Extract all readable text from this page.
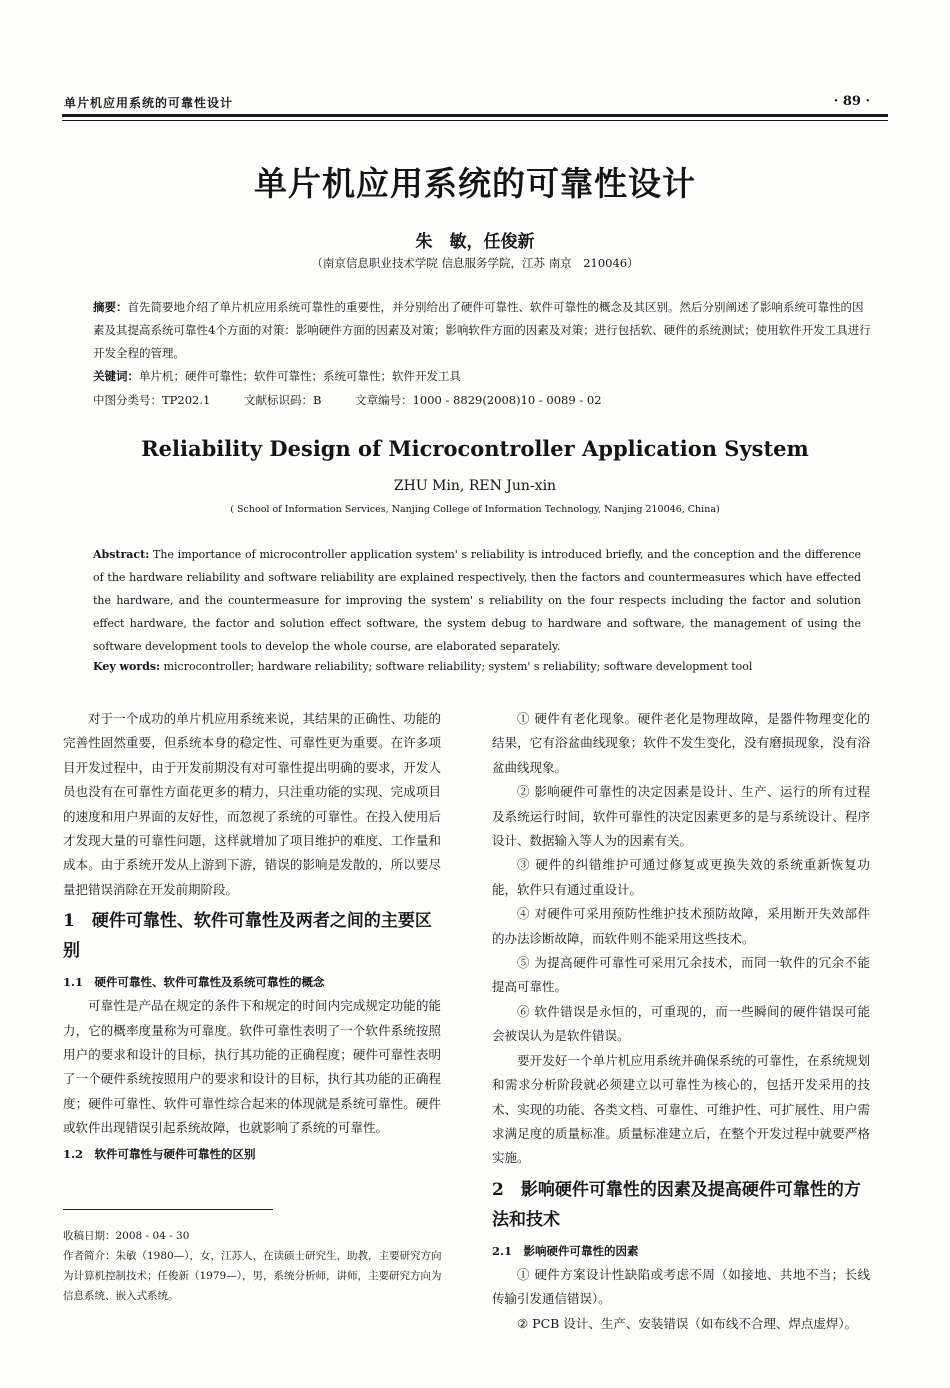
单片机应用系统的可靠性设计	· 89 ·
单片机应用系统的可靠性设计
朱　敏，任俊新
（南京信息职业技术学院 信息服务学院，江苏 南京　210046）
摘要：首先简要地介绍了单片机应用系统可靠性的重要性，并分别给出了硬件可靠性、软件可靠性的概念及其区别。然后分别阐述了影响系统可靠性的因素及其提高系统可靠性4个方面的对策：影响硬件方面的因素及对策；影响软件方面的因素及对策；进行包括软、硬件的系统测试；使用软件开发工具进行开发全程的管理。
关键词：单片机；硬件可靠性；软件可靠性；系统可靠性；软件开发工具
中图分类号：TP202.1	文献标识码：B	文章编号：1000 - 8829(2008)10 - 0089 - 02
Reliability Design of Microcontroller Application System
ZHU Min, REN Jun-xin
( School of Information Services, Nanjing College of Information Technology, Nanjing 210046, China)
Abstract: The importance of microcontroller application system' s reliability is introduced briefly, and the conception and the difference of the hardware reliability and software reliability are explained respectively, then the factors and countermeasures which have effected the hardware, and the countermeasure for improving the system' s reliability on the four respects including the factor and solution effect hardware, the factor and solution effect software, the system debug to hardware and software, the management of using the software development tools to develop the whole course, are elaborated separately.
Key words: microcontroller; hardware reliability; software reliability; system' s reliability; software development tool

对于一个成功的单片机应用系统来说，其结果的正确性、功能的完善性固然重要，但系统本身的稳定性、可靠性更为重要。在许多项目开发过程中，由于开发前期没有对可靠性提出明确的要求，开发人员也没有在可靠性方面花更多的精力，只注重功能的实现、完成项目的速度和用户界面的友好性，而忽视了系统的可靠性。在投入使用后才发现大量的可靠性问题，这样就增加了项目维护的难度、工作量和成本。由于系统开发从上游到下游，错误的影响是发散的，所以要尽量把错误消除在开发前期阶段。

1　硬件可靠性、软件可靠性及两者之间的主要区别
1.1　硬件可靠性、软件可靠性及系统可靠性的概念

可靠性是产品在规定的条件下和规定的时间内完成规定功能的能力，它的概率度量称为可靠度。软件可靠性表明了一个软件系统按照用户的要求和设计的目标，执行其功能的正确程度；硬件可靠性表明了一个硬件系统按照用户的要求和设计的目标，执行其功能的正确程度；硬件可靠性、软件可靠性综合起来的体现就是系统可靠性。硬件或软件出现错误引起系统故障，也就影响了系统的可靠性。

1.2　软件可靠性与硬件可靠性的区别
收稿日期：2008 - 04 - 30
作者简介：朱敏（1980—），女，江苏人，在读硕士研究生，助教，主要研究方向为计算机控制技术；任俊新（1979—），男，系统分析师，讲师，主要研究方向为信息系统、嵌入式系统。

① 硬件有老化现象。硬件老化是物理故障，是器件物理变化的结果，它有浴盆曲线现象；软件不发生变化，没有磨损现象，没有浴盆曲线现象。

② 影响硬件可靠性的决定因素是设计、生产、运行的所有过程及系统运行时间，软件可靠性的决定因素更多的是与系统设计、程序设计、数据输入等人为的因素有关。

③ 硬件的纠错维护可通过修复或更换失效的系统重新恢复功能，软件只有通过重设计。

④ 对硬件可采用预防性维护技术预防故障，采用断开失效部件的办法诊断故障，而软件则不能采用这些技术。

⑤ 为提高硬件可靠性可采用冗余技术，而同一软件的冗余不能提高可靠性。

⑥ 软件错误是永恒的，可重现的，而一些瞬间的硬件错误可能会被误认为是软件错误。

要开发好一个单片机应用系统并确保系统的可靠性，在系统规划和需求分析阶段就必须建立以可靠性为核心的，包括开发采用的技术、实现的功能、各类文档、可靠性、可维护性、可扩展性、用户需求满足度的质量标准。质量标准建立后，在整个开发过程中就要严格实施。

2　影响硬件可靠性的因素及提高硬件可靠性的方法和技术
2.1　影响硬件可靠性的因素

① 硬件方案设计性缺陷或考虑不周（如接地、共地不当；长线传输引发通信错误）。

② PCB 设计、生产、安装错误（如布线不合理、焊点虚焊）。
